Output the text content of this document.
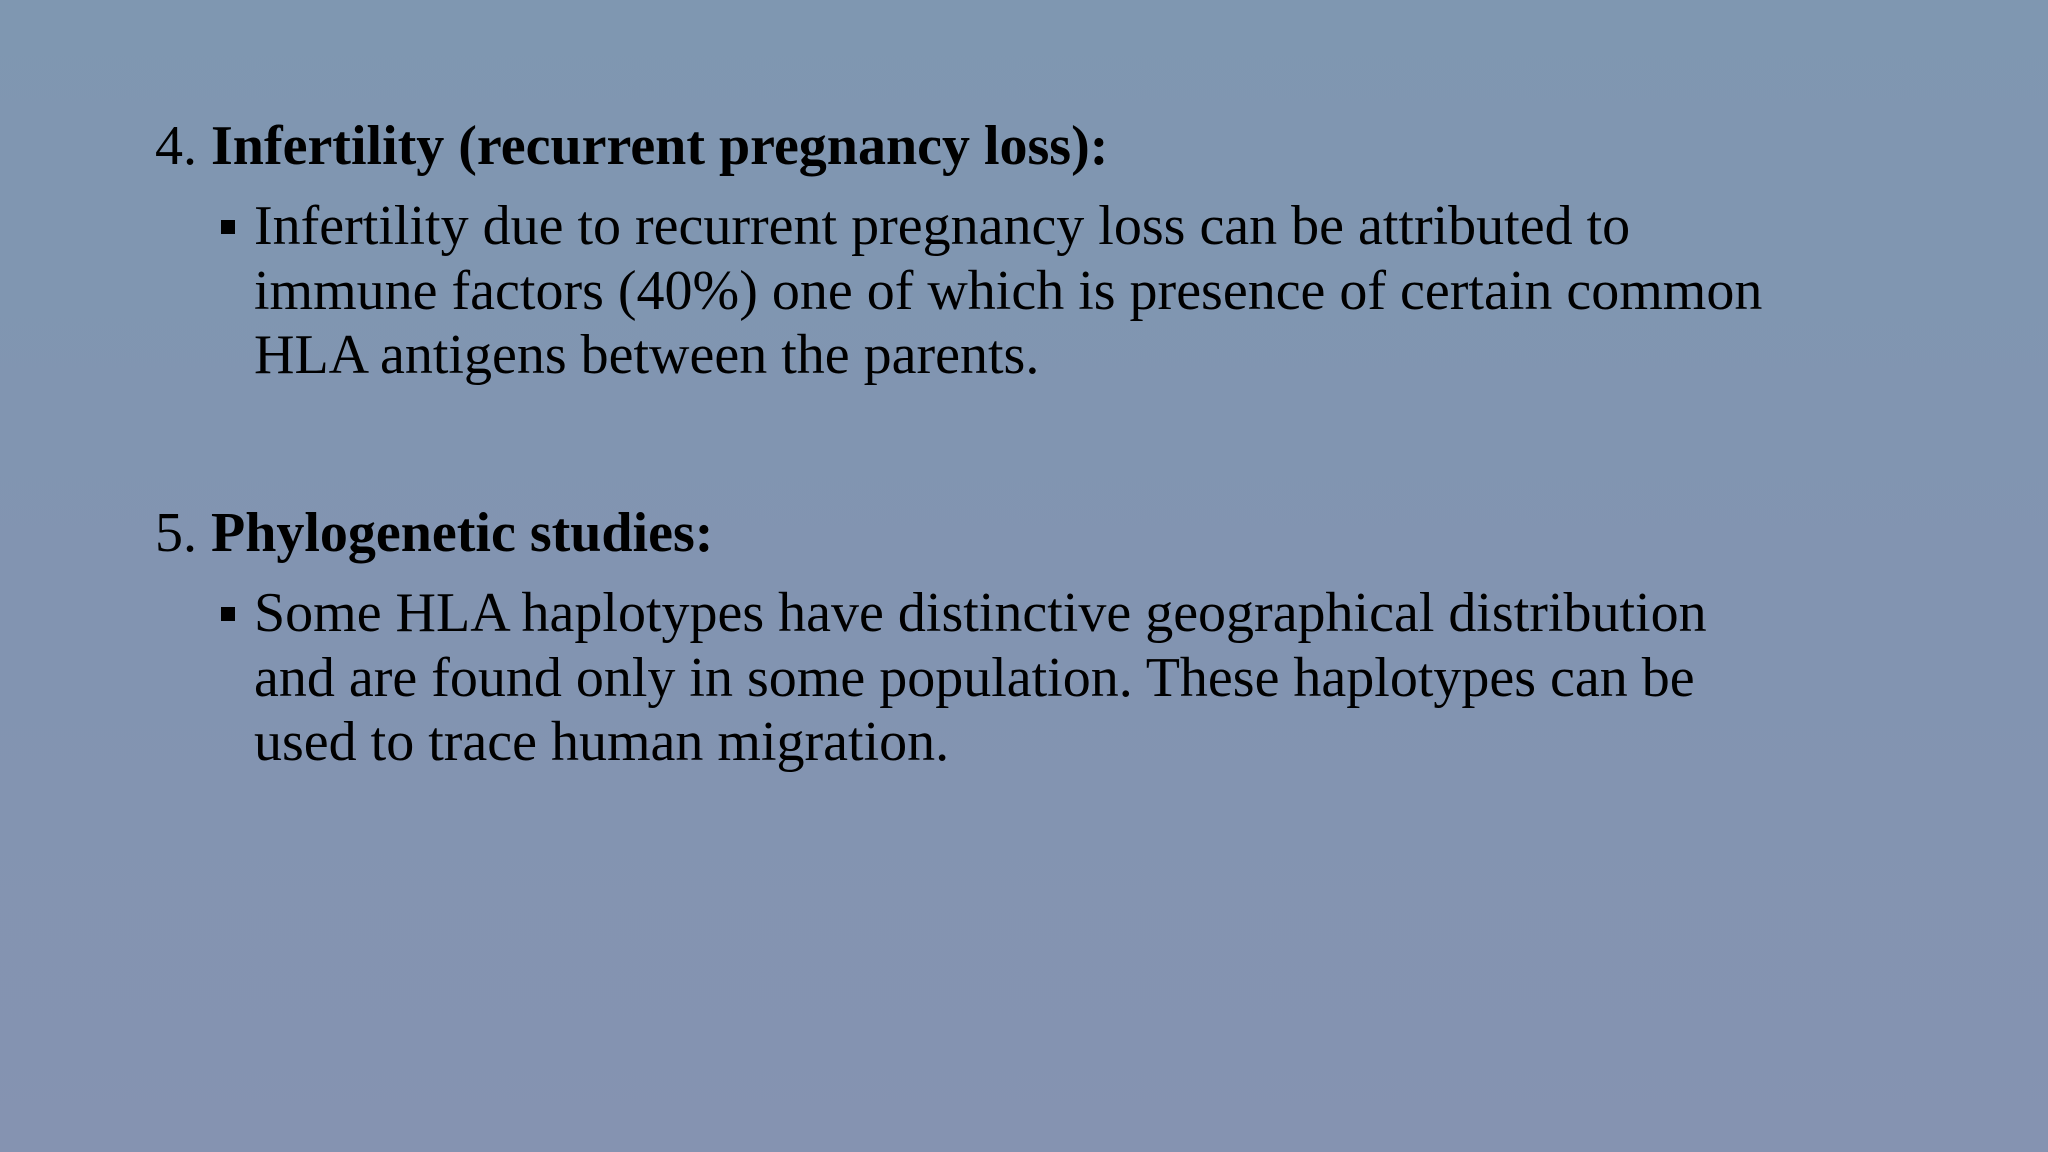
4. Infertility (recurrent pregnancy loss):
Infertility due to recurrent pregnancy loss can be attributed to
immune factors (40%) one of which is presence of certain common
HLA antigens between the parents.
5. Phylogenetic studies:
Some HLA haplotypes have distinctive geographical distribution
and are found only in some population. These haplotypes can be
used to trace human migration.
